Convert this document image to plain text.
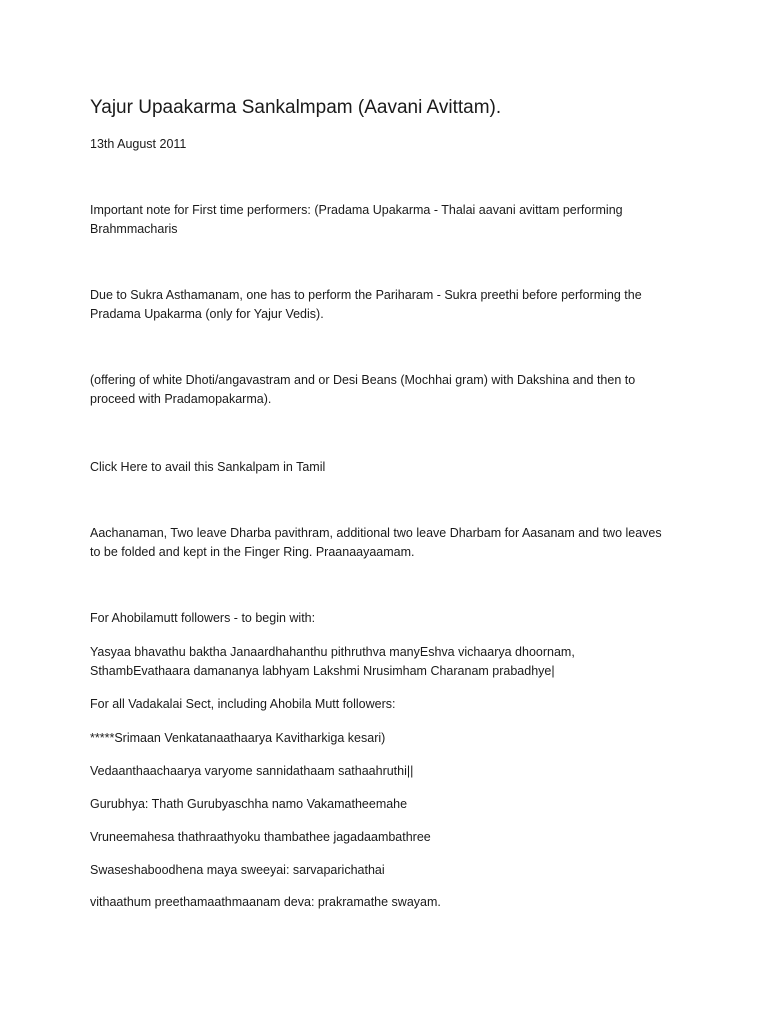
Yajur Upaakarma Sankalmpam (Aavani Avittam).
13th August 2011
Important note for First time performers: (Pradama Upakarma - Thalai aavani avittam performing
Brahmmacharis
Due to Sukra Asthamanam, one has to perform the Pariharam - Sukra preethi before performing the
Pradama Upakarma (only for Yajur Vedis).
(offering of white Dhoti/angavastram and or Desi Beans (Mochhai gram) with Dakshina and then to
proceed with Pradamopakarma).
Click Here to avail this Sankalpam in Tamil
Aachanaman, Two leave Dharba pavithram, additional two leave Dharbam for Aasanam and two leaves
to be folded and kept in the Finger Ring. Praanaayaamam.
For Ahobilamutt followers - to begin with:
Yasyaa bhavathu baktha Janaardhahanthu pithruthva manyEshva vichaarya dhoornam,
SthambEvathaara damananya labhyam Lakshmi Nrusimham Charanam prabadhye|
For all Vadakalai Sect, including Ahobila Mutt followers:
*****Srimaan Venkatanaathaarya Kavitharkiga kesari)
Vedaanthaachaarya varyome sannidathaam sathaahruthi||
Gurubhya: Thath Gurubyaschha namo Vakamatheemahe
Vruneemahesa thathraathyoku thambathee jagadaambathree
Swaseshaboodhena maya sweeyai: sarvaparichathai
vithaathum preethamaathmaanam deva: prakramathe swayam.
